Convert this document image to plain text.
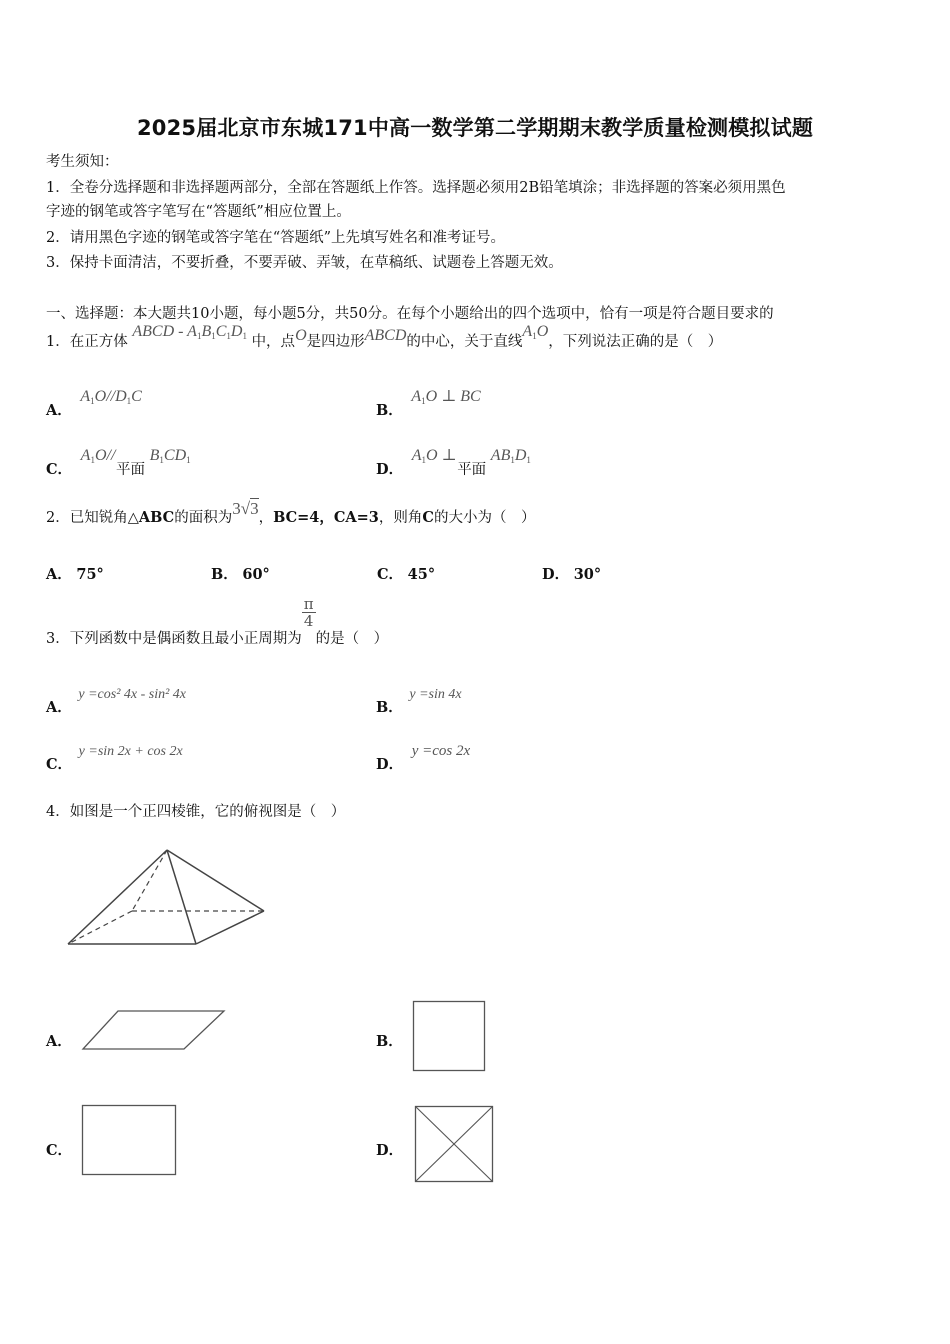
2025届北京市东城171中高一数学第二学期期末教学质量检测模拟试题
考生须知：
1．全卷分选择题和非选择题两部分，全部在答题纸上作答。选择题必须用2B铅笔填涂；非选择题的答案必须用黑色
字迹的钢笔或答字笔写在“答题纸”相应位置上。
2．请用黑色字迹的钢笔或答字笔在“答题纸”上先填写姓名和准考证号。
3．保持卡面清洁，不要折叠，不要弄破、弄皱，在草稿纸、试题卷上答题无效。
一、选择题：本大题共10小题，每小题5分，共50分。在每个小题给出的四个选项中，恰有一项是符合题目要求的
1．在正方体 ABCD - $A_1B_1C_1D_1$ 中，点O是四边形ABCD的中心，关于直线$A_1O$，下列说法正确的是（　）
A． $A_1O//D_1C$
B． $A_1O$ ⊥ BC
C． $A_1O//$ 平面 $B_1CD_1$
D． $A_1O$ ⊥ 平面 $AB_1D_1$
2．已知锐角△ABC的面积为3√3，BC=4，CA=3，则角C的大小为（　）
A． 75°	B． 60°	C． 45°	D． 30°
3．下列函数中是偶函数且最小正周期为
$\frac{\pi}{4}$
的是（　）
A． y =cos² 4x - sin² 4x
B． y =sin 4x
C． y =sin 2x + cos 2x
D． y =cos 2x
4．如图是一个正四棱锥，它的俯视图是（　）
A．	B．
C．	D．
